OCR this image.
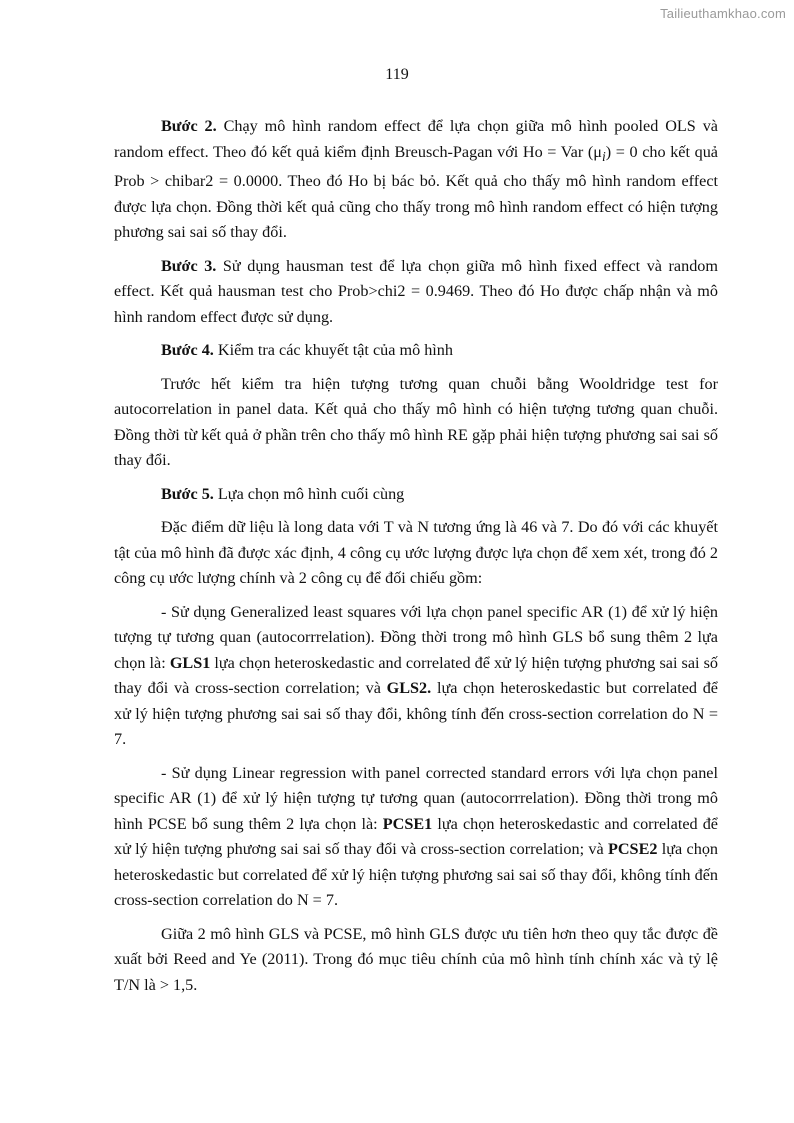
Tailieuthamkhao.com
119

Bước 2. Chạy mô hình random effect để lựa chọn giữa mô hình pooled OLS và random effect. Theo đó kết quả kiểm định Breusch-Pagan với Ho = Var $(\mu_i) = 0$ cho kết quả Prob > chibar2 = 0.0000. Theo đó Ho bị bác bỏ. Kết quả cho thấy mô hình random effect được lựa chọn. Đồng thời kết quả cũng cho thấy trong mô hình random effect có hiện tượng phương sai sai số thay đổi.

Bước 3. Sử dụng hausman test để lựa chọn giữa mô hình fixed effect và random effect. Kết quả hausman test cho Prob>chi2 = 0.9469. Theo đó Ho được chấp nhận và mô hình random effect được sử dụng.

Bước 4. Kiểm tra các khuyết tật của mô hình

Trước hết kiểm tra hiện tượng tương quan chuỗi bằng Wooldridge test for autocorrelation in panel data. Kết quả cho thấy mô hình có hiện tượng tương quan chuỗi. Đồng thời từ kết quả ở phần trên cho thấy mô hình RE gặp phải hiện tượng phương sai sai số thay đổi.

Bước 5. Lựa chọn mô hình cuối cùng

Đặc điểm dữ liệu là long data với T và N tương ứng là 46 và 7. Do đó với các khuyết tật của mô hình đã được xác định, 4 công cụ ước lượng được lựa chọn để xem xét, trong đó 2 công cụ ước lượng chính và 2 công cụ để đối chiếu gồm:

- Sử dụng Generalized least squares với lựa chọn panel specific AR (1) để xử lý hiện tượng tự tương quan (autocorrrelation). Đồng thời trong mô hình GLS bổ sung thêm 2 lựa chọn là: GLS1 lựa chọn heteroskedastic and correlated để xử lý hiện tượng phương sai sai số thay đổi và cross-section correlation; và GLS2. lựa chọn heteroskedastic but correlated để xử lý hiện tượng phương sai sai số thay đổi, không tính đến cross-section correlation do N = 7.

- Sử dụng Linear regression with panel corrected standard errors với lựa chọn panel specific AR (1) để xử lý hiện tượng tự tương quan (autocorrrelation). Đồng thời trong mô hình PCSE bổ sung thêm 2 lựa chọn là: PCSE1 lựa chọn heteroskedastic and correlated để xử lý hiện tượng phương sai sai số thay đổi và cross-section correlation; và PCSE2 lựa chọn heteroskedastic but correlated để xử lý hiện tượng phương sai sai số thay đổi, không tính đến cross-section correlation do N = 7.

Giữa 2 mô hình GLS và PCSE, mô hình GLS được ưu tiên hơn theo quy tắc được đề xuất bởi Reed and Ye (2011). Trong đó mục tiêu chính của mô hình tính chính xác và tỷ lệ T/N là > 1,5.
